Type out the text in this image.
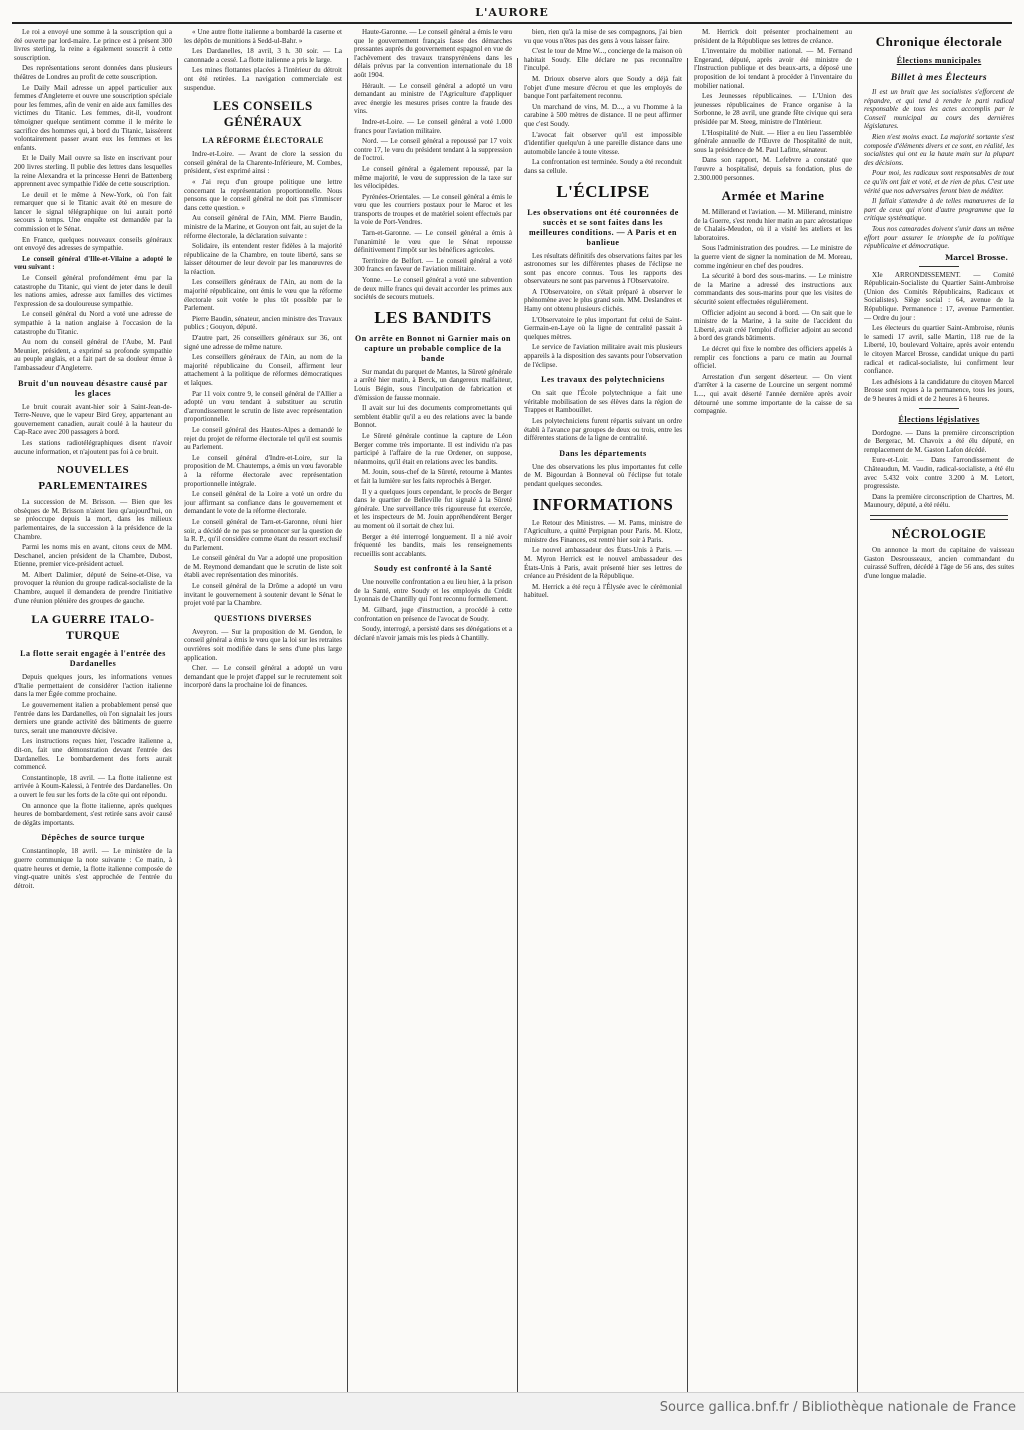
L'AURORE

Le roi a envoyé une somme à la souscription qui a été ouverte par lord-maire. Le prince est à présent 300 livres sterling, la reine a également souscrit à cette souscription.

Des représentations seront données dans plusieurs théâtres de Londres au profit de cette souscription.

Le Daily Mail adresse un appel particulier aux femmes d'Angleterre et ouvre une souscription spéciale pour les femmes, afin de venir en aide aux familles des victimes du Titanic. Les femmes, dit-il, voudront témoigner quelque sentiment comme il le mérite le sacrifice des hommes qui, à bord du Titanic, laissèrent volontairement passer avant eux les femmes et les enfants.

Et le Daily Mail ouvre sa liste en inscrivant pour 200 livres sterling. Il publie des lettres dans lesquelles la reine Alexandra et la princesse Henri de Battenberg apprennent avec sympathie l'idée de cette souscription.

Le deuil et le même à New-York, où l'on fait remarquer que si le Titanic avait été en mesure de lancer le signal télégraphique on lui aurait porté secours à temps. Une enquête est demandée par la commission et le Sénat.

En France, quelques nouveaux conseils généraux ont envoyé des adresses de sympathie.

Le conseil général d'Ille-et-Vilaine a adopté le vœu suivant :

Le Conseil général profondément ému par la catastrophe du Titanic, qui vient de jeter dans le deuil les nations amies, adresse aux familles des victimes l'expression de sa douloureuse sympathie.

Le conseil général du Nord a voté une adresse de sympathie à la nation anglaise à l'occasion de la catastrophe du Titanic.

Au nom du conseil général de l'Aube, M. Paul Meunier, président, a exprimé sa profonde sympathie au peuple anglais, et a fait part de sa douleur émue à l'ambassadeur d'Angleterre.

Bruit d'un nouveau désastre causé par les glaces

Le bruit courait avant-hier soir à Saint-Jean-de-Terre-Neuve, que le vapeur Bird Grey, appartenant au gouvernement canadien, aurait coulé à la hauteur du Cap-Race avec 200 passagers à bord.

Les stations radiotélégraphiques disent n'avoir aucune information, et n'ajoutent pas foi à ce bruit.

NOUVELLES PARLEMENTAIRES

La succession de M. Brisson. — Bien que les obsèques de M. Brisson n'aient lieu qu'aujourd'hui, on se préoccupe depuis la mort, dans les milieux parlementaires, de la succession à la présidence de la Chambre.

Parmi les noms mis en avant, citons ceux de MM. Deschanel, ancien président de la Chambre, Dubost, Etienne, premier vice-président actuel.

M. Albert Dalimier, député de Seine-et-Oise, va provoquer la réunion du groupe radical-socialiste de la Chambre, auquel il demandera de prendre l'initiative d'une réunion plénière des groupes de gauche.

LA GUERRE ITALO-TURQUE
La flotte serait engagée à l'entrée des Dardanelles

Depuis quelques jours, les informations venues d'Italie permettaient de considérer l'action italienne dans la mer Égée comme prochaine.

Le gouvernement italien a probablement pensé que l'entrée dans les Dardanelles, où l'on signalait les jours derniers une grande activité des bâtiments de guerre turcs, serait une manœuvre décisive.

Les instructions reçues hier, l'escadre italienne a, dit-on, fait une démonstration devant l'entrée des Dardanelles. Le bombardement des forts aurait commencé.

Constantinople, 18 avril. — La flotte italienne est arrivée à Koum-Kalessi, à l'entrée des Dardanelles. On a ouvert le feu sur les forts de la côte qui ont répondu.

On annonce que la flotte italienne, après quelques heures de bombardement, s'est retirée sans avoir causé de dégâts importants.

Dépêches de source turque

Constantinople, 18 avril. — Le ministère de la guerre communique la note suivante : Ce matin, à quatre heures et demie, la flotte italienne composée de vingt-quatre unités s'est approchée de l'entrée du détroit.

« Une autre flotte italienne a bombardé la caserne et les dépôts de munitions à Sedd-ul-Bahr. »

Les Dardanelles, 18 avril, 3 h. 30 soir. — La canonnade a cessé. La flotte italienne a pris le large.

Les mines flottantes placées à l'intérieur du détroit ont été retirées. La navigation commerciale est suspendue.

LES CONSEILS GÉNÉRAUX
LA RÉFORME ÉLECTORALE

Indre-et-Loire. — Avant de clore la session du conseil général de la Charente-Inférieure, M. Combes, président, s'est exprimé ainsi :

« J'ai reçu d'un groupe politique une lettre concernant la représentation proportionnelle. Nous pensons que le conseil général ne doit pas s'immiscer dans cette question. »

Au conseil général de l'Ain, MM. Pierre Baudin, ministre de la Marine, et Gouyon ont fait, au sujet de la réforme électorale, la déclaration suivante :

Solidaire, ils entendent rester fidèles à la majorité républicaine de la Chambre, en toute liberté, sans se laisser détourner de leur devoir par les manœuvres de la réaction.

Les conseillers généraux de l'Ain, au nom de la majorité républicaine, ont émis le vœu que la réforme électorale soit votée le plus tôt possible par le Parlement.

Pierre Baudin, sénateur, ancien ministre des Travaux publics ; Gouyon, député.

D'autre part, 26 conseillers généraux sur 36, ont signé une adresse de même nature.

Les conseillers généraux de l'Ain, au nom de la majorité républicaine du Conseil, affirment leur attachement à la politique de réformes démocratiques et laïques.

Par 11 voix contre 9, le conseil général de l'Allier a adopté un vœu tendant à substituer au scrutin d'arrondissement le scrutin de liste avec représentation proportionnelle.

Le conseil général des Hautes-Alpes a demandé le rejet du projet de réforme électorale tel qu'il est soumis au Parlement.

Le conseil général d'Indre-et-Loire, sur la proposition de M. Chautemps, a émis un vœu favorable à la réforme électorale avec représentation proportionnelle intégrale.

Le conseil général de la Loire a voté un ordre du jour affirmant sa confiance dans le gouvernement et demandant le vote de la réforme électorale.

Le conseil général de Tarn-et-Garonne, réuni hier soir, a décidé de ne pas se prononcer sur la question de la R. P., qu'il considère comme étant du ressort exclusif du Parlement.

Le conseil général du Var a adopté une proposition de M. Reymond demandant que le scrutin de liste soit établi avec représentation des minorités.

Le conseil général de la Drôme a adopté un vœu invitant le gouvernement à soutenir devant le Sénat le projet voté par la Chambre.

QUESTIONS DIVERSES

Aveyron. — Sur la proposition de M. Gendon, le conseil général a émis le vœu que la loi sur les retraites ouvrières soit modifiée dans le sens d'une plus large application.

Cher. — Le conseil général a adopté un vœu demandant que le projet d'appel sur le recrutement soit incorporé dans la prochaine loi de finances.

Haute-Garonne. — Le conseil général a émis le vœu que le gouvernement français fasse des démarches pressantes auprès du gouvernement espagnol en vue de l'achèvement des travaux transpyrénéens dans les délais prévus par la convention internationale du 18 août 1904.

Hérault. — Le conseil général a adopté un vœu demandant au ministre de l'Agriculture d'appliquer avec énergie les mesures prises contre la fraude des vins.

Indre-et-Loire. — Le conseil général a voté 1.000 francs pour l'aviation militaire.

Nord. — Le conseil général a repoussé par 17 voix contre 17, le vœu du président tendant à la suppression de l'octroi.

Le conseil général a également repoussé, par la même majorité, le vœu de suppression de la taxe sur les vélocipèdes.

Pyrénées-Orientales. — Le conseil général a émis le vœu que les courriers postaux pour le Maroc et les transports de troupes et de matériel soient effectués par la voie de Port-Vendres.

Tarn-et-Garonne. — Le conseil général a émis à l'unanimité le vœu que le Sénat repousse définitivement l'impôt sur les bénéfices agricoles.

Territoire de Belfort. — Le conseil général a voté 300 francs en faveur de l'aviation militaire.

Yonne. — Le conseil général a voté une subvention de deux mille francs qui devait accorder les primes aux sociétés de secours mutuels.

LES BANDITS
On arrête en Bonnot ni Garnier mais on capture un probable complice de la bande

Sur mandat du parquet de Mantes, la Sûreté générale a arrêté hier matin, à Berck, un dangereux malfaiteur, Louis Bégin, sous l'inculpation de fabrication et d'émission de fausse monnaie.

Il avait sur lui des documents compromettants qui semblent établir qu'il a eu des relations avec la bande Bonnot.

Le Sûreté générale continue la capture de Léon Berger comme très importante. Il est individu n'a pas participé à l'affaire de la rue Ordener, on suppose, néanmoins, qu'il était en relations avec les bandits.

M. Jouin, sous-chef de la Sûreté, retourne à Mantes et fait la lumière sur les faits reprochés à Berger.

Il y a quelques jours cependant, le procès de Berger dans le quartier de Belleville fut signalé à la Sûreté générale. Une surveillance très rigoureuse fut exercée, et les inspecteurs de M. Jouin appréhendèrent Berger au moment où il sortait de chez lui.

Berger a été interrogé longuement. Il a nié avoir fréquenté les bandits, mais les renseignements recueillis sont accablants.

Soudy est confronté à la Santé

Une nouvelle confrontation a eu lieu hier, à la prison de la Santé, entre Soudy et les employés du Crédit Lyonnais de Chantilly qui l'ont reconnu formellement.

M. Gilbard, juge d'instruction, a procédé à cette confrontation en présence de l'avocat de Soudy.

Soudy, interrogé, a persisté dans ses dénégations et a déclaré n'avoir jamais mis les pieds à Chantilly.

bien, rien qu'à la mise de ses compagnons, j'ai bien vu que vous n'êtes pas des gens à vous laisser faire.

C'est le tour de Mme W..., concierge de la maison où habitait Soudy. Elle déclare ne pas reconnaître l'inculpé.

M. Drioux observe alors que Soudy a déjà fait l'objet d'une mesure d'écrou et que les employés de banque l'ont parfaitement reconnu.

Un marchand de vins, M. D..., a vu l'homme à la carabine à 500 mètres de distance. Il ne peut affirmer que c'est Soudy.

L'avocat fait observer qu'il est impossible d'identifier quelqu'un à une pareille distance dans une automobile lancée à toute vitesse.

La confrontation est terminée. Soudy a été reconduit dans sa cellule.

L'ÉCLIPSE
Les observations ont été couronnées de succès et se sont faites dans les meilleures conditions. — A Paris et en banlieue

Les résultats définitifs des observations faites par les astronomes sur les différentes phases de l'éclipse ne sont pas encore connus. Tous les rapports des observateurs ne sont pas parvenus à l'Observatoire.

A l'Observatoire, on s'était préparé à observer le phénomène avec le plus grand soin. MM. Deslandres et Hamy ont obtenu plusieurs clichés.

L'Observatoire le plus important fut celui de Saint-Germain-en-Laye où la ligne de centralité passait à quelques mètres.

Le service de l'aviation militaire avait mis plusieurs appareils à la disposition des savants pour l'observation de l'éclipse.

Les travaux des polytechniciens

On sait que l'École polytechnique a fait une véritable mobilisation de ses élèves dans la région de Trappes et Rambouillet.

Les polytechniciens furent répartis suivant un ordre établi à l'avance par groupes de deux ou trois, entre les différentes stations de la ligne de centralité.

Dans les départements

Une des observations les plus importantes fut celle de M. Bigourdan à Bonneval où l'éclipse fut totale pendant quelques secondes.

INFORMATIONS

Le Retour des Ministres. — M. Pams, ministre de l'Agriculture, a quitté Perpignan pour Paris. M. Klotz, ministre des Finances, est rentré hier soir à Paris.

Le nouvel ambassadeur des États-Unis à Paris. — M. Myron Herrick est le nouvel ambassadeur des États-Unis à Paris, avait présenté hier ses lettres de créance au Président de la République.

M. Herrick a été reçu à l'Élysée avec le cérémonial habituel.

M. Herrick doit présenter prochainement au président de la République ses lettres de créance.

L'inventaire du mobilier national. — M. Fernand Engerand, député, après avoir été ministre de l'Instruction publique et des beaux-arts, a déposé une proposition de loi tendant à procéder à l'inventaire du mobilier national.

Les Jeunesses républicaines. — L'Union des jeunesses républicaines de France organise à la Sorbonne, le 28 avril, une grande fête civique qui sera présidée par M. Steeg, ministre de l'Intérieur.

L'Hospitalité de Nuit. — Hier a eu lieu l'assemblée générale annuelle de l'Œuvre de l'hospitalité de nuit, sous la présidence de M. Paul Lafitte, sénateur.

Dans son rapport, M. Lefebvre a constaté que l'œuvre a hospitalisé, depuis sa fondation, plus de 2.300.000 personnes.

Armée et Marine

M. Millerand et l'aviation. — M. Millerand, ministre de la Guerre, s'est rendu hier matin au parc aérostatique de Chalais-Meudon, où il a visité les ateliers et les laboratoires.

Sous l'administration des poudres. — Le ministre de la guerre vient de signer la nomination de M. Moreau, comme ingénieur en chef des poudres.

La sécurité à bord des sous-marins. — Le ministre de la Marine a adressé des instructions aux commandants des sous-marins pour que les visites de sécurité soient effectuées régulièrement.

Officier adjoint au second à bord. — On sait que le ministre de la Marine, à la suite de l'accident du Liberté, avait créé l'emploi d'officier adjoint au second à bord des grands bâtiments.

Le décret qui fixe le nombre des officiers appelés à remplir ces fonctions a paru ce matin au Journal officiel.

Arrestation d'un sergent déserteur. — On vient d'arrêter à la caserne de Lourcine un sergent nommé L..., qui avait déserté l'année dernière après avoir détourné une somme importante de la caisse de sa compagnie.

Chronique électorale
Élections municipales
Billet à mes Électeurs

Il est un bruit que les socialistes s'efforcent de répandre, et qui tend à rendre le parti radical responsable de tous les actes accomplis par le Conseil municipal au cours des dernières législatures.

Rien n'est moins exact. La majorité sortante s'est composée d'éléments divers et ce sont, en réalité, les socialistes qui ont eu la haute main sur la plupart des décisions.

Pour moi, les radicaux sont responsables de tout ce qu'ils ont fait et voté, et de rien de plus. C'est une vérité que nos adversaires feront bien de méditer.

Il fallait s'attendre à de telles manœuvres de la part de ceux qui n'ont d'autre programme que la critique systématique.

Tous nos camarades doivent s'unir dans un même effort pour assurer le triomphe de la politique républicaine et démocratique.

Marcel Brosse.

XIe ARRONDISSEMENT. — Comité Républicain-Socialiste du Quartier Saint-Ambroise (Union des Comités Républicains, Radicaux et Socialistes). Siège social : 64, avenue de la République. Permanence : 17, avenue Parmentier. — Ordre du jour :

Les électeurs du quartier Saint-Ambroise, réunis le samedi 17 avril, salle Martin, 118 rue de la Liberté, 10, boulevard Voltaire, après avoir entendu le citoyen Marcel Brosse, candidat unique du parti radical et radical-socialiste, lui confirment leur confiance.

Les adhésions à la candidature du citoyen Marcel Brosse sont reçues à la permanence, tous les jours, de 9 heures à midi et de 2 heures à 6 heures.

Élections législatives

Dordogne. — Dans la première circonscription de Bergerac, M. Chavoix a été élu député, en remplacement de M. Gaston Lafon décédé.

Eure-et-Loir. — Dans l'arrondissement de Châteaudun, M. Vaudin, radical-socialiste, a été élu avec 5.432 voix contre 3.200 à M. Letort, progressiste.

Dans la première circonscription de Chartres, M. Maunoury, député, a été réélu.

NÉCROLOGIE

On annonce la mort du capitaine de vaisseau Gaston Desrousseaux, ancien commandant du cuirassé Suffren, décédé à l'âge de 56 ans, des suites d'une longue maladie.

Source gallica.bnf.fr / Bibliothèque nationale de France
